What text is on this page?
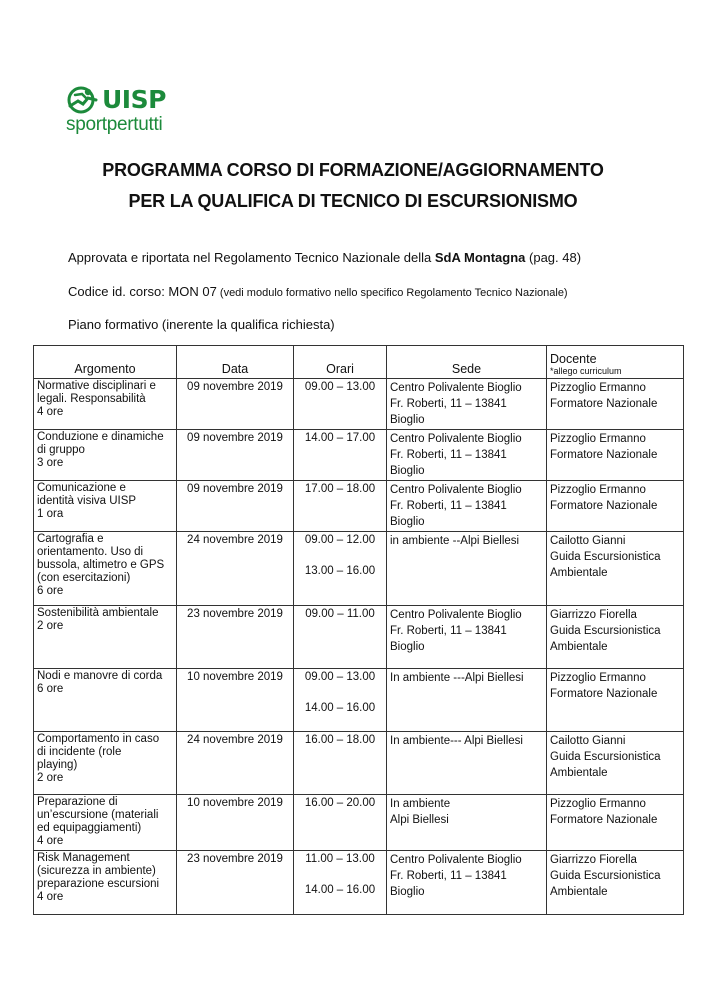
UISP
sportpertutti
PROGRAMMA CORSO DI FORMAZIONE/AGGIORNAMENTO
PER LA QUALIFICA DI TECNICO DI ESCURSIONISMO
Approvata e riportata nel Regolamento Tecnico Nazionale della SdA Montagna (pag. 48)
Codice id. corso: MON 07 (vedi modulo formativo nello specifico Regolamento Tecnico Nazionale)
Piano formativo (inerente la qualifica richiesta)
Argomento	Data	Orari	Sede	Docente
*allego curriculum

Normative disciplinari e
legali. Responsabilità
4 ore	09 novembre 2019	09.00 – 13.00	Centro Polivalente Bioglio
Fr. Roberti, 11 – 13841
Bioglio	Pizzoglio Ermanno
Formatore Nazionale

Conduzione e dinamiche
di gruppo
3 ore	09 novembre 2019	14.00 – 17.00	Centro Polivalente Bioglio
Fr. Roberti, 11 – 13841
Bioglio	Pizzoglio Ermanno
Formatore Nazionale

Comunicazione e
identità visiva UISP
1 ora	09 novembre 2019	17.00 – 18.00	Centro Polivalente Bioglio
Fr. Roberti, 11 – 13841
Bioglio	Pizzoglio Ermanno
Formatore Nazionale

Cartografia e
orientamento. Uso di
bussola, altimetro e GPS
(con esercitazioni)
6 ore	24 novembre 2019	09.00 – 12.00
13.00 – 16.00	in ambiente --Alpi Biellesi	Cailotto Gianni
Guida Escursionistica
Ambientale

Sostenibilità ambientale
2 ore	23 novembre 2019	09.00 – 11.00	Centro Polivalente Bioglio
Fr. Roberti, 11 – 13841
Bioglio	Giarrizzo Fiorella
Guida Escursionistica
Ambientale

Nodi e manovre di corda
6 ore	10 novembre 2019	09.00 – 13.00
14.00 – 16.00	In ambiente ---Alpi Biellesi	Pizzoglio Ermanno
Formatore Nazionale

Comportamento in caso
di incidente (role
playing)
2 ore	24 novembre 2019	16.00 – 18.00	In ambiente--- Alpi Biellesi	Cailotto Gianni
Guida Escursionistica
Ambientale

Preparazione di
un’escursione (materiali
ed equipaggiamenti)
4 ore	10 novembre 2019	16.00 – 20.00	In ambiente
Alpi Biellesi	Pizzoglio Ermanno
Formatore Nazionale

Risk Management
(sicurezza in ambiente)
preparazione escursioni
4 ore	23 novembre 2019	11.00 – 13.00
14.00 – 16.00	Centro Polivalente Bioglio
Fr. Roberti, 11 – 13841
Bioglio	Giarrizzo Fiorella
Guida Escursionistica
Ambientale
